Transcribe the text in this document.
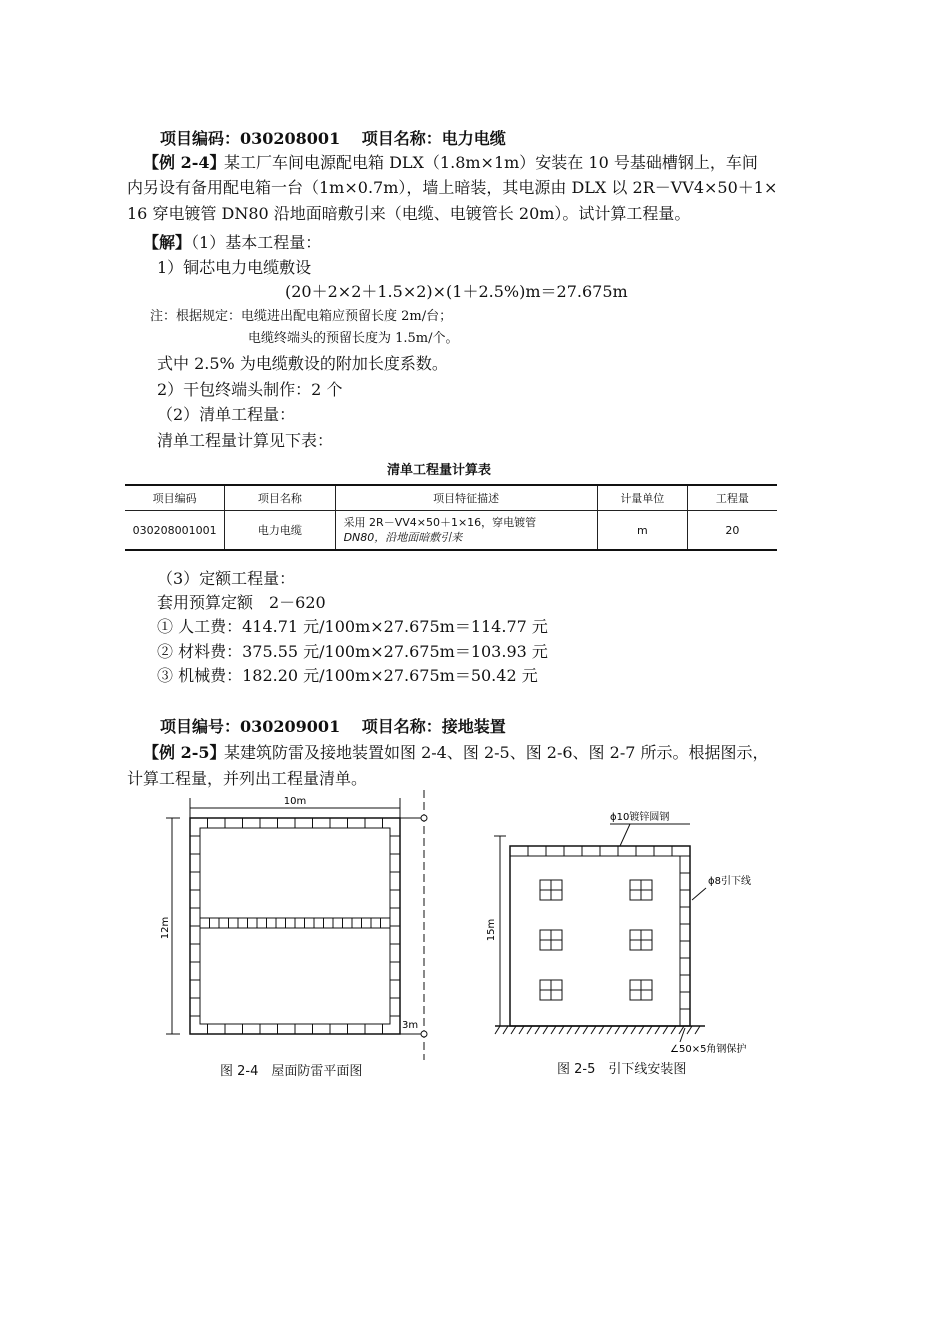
项目编码：030208001　 项目名称：电力电缆
【例 2-4】
某工厂车间电源配电箱 DLX（1.8m×1m）安装在 10 号基础槽钢上，车间
内另设有备用配电箱一台（1m×0.7m），墙上暗装，其电源由 DLX 以 2R－VV4×50＋1×
16 穿电镀管 DN80 沿地面暗敷引来（电缆、电镀管长 20m）。试计算工程量。
【解】（1）基本工程量：
1）铜芯电力电缆敷设
(20＋2×2＋1.5×2)×(1＋2.5%)m＝27.675m
注：根据规定：电缆进出配电箱应预留长度 2m/台；
电缆终端头的预留长度为 1.5m/个。
式中 2.5% 为电缆敷设的附加长度系数。
2）干包终端头制作：2 个
（2）清单工程量：
清单工程量计算见下表：
清单工程量计算表
项目编码	项目名称	项目特征描述	计量单位	工程量
030208001001	电力电缆	采用 2R－VV4×50＋1×16，穿电镀管
DN80，沿地面暗敷引来	m	20
（3）定额工程量：
套用预算定额　2－620
① 人工费：414.71 元/100m×27.675m＝114.77 元
② 材料费：375.55 元/100m×27.675m＝103.93 元
③ 机械费：182.20 元/100m×27.675m＝50.42 元
项目编号：030209001　 项目名称：接地装置
【例 2-5】
某建筑防雷及接地装置如图 2-4、图 2-5、图 2-6、图 2-7 所示。根据图示，
计算工程量，并列出工程量清单。
10m
12m
3m
图 2-4　屋面防雷平面图
ϕ10镀锌圆钢
15m
ϕ8引下线
∠50×5角钢保护
图 2-5　引下线安装图
